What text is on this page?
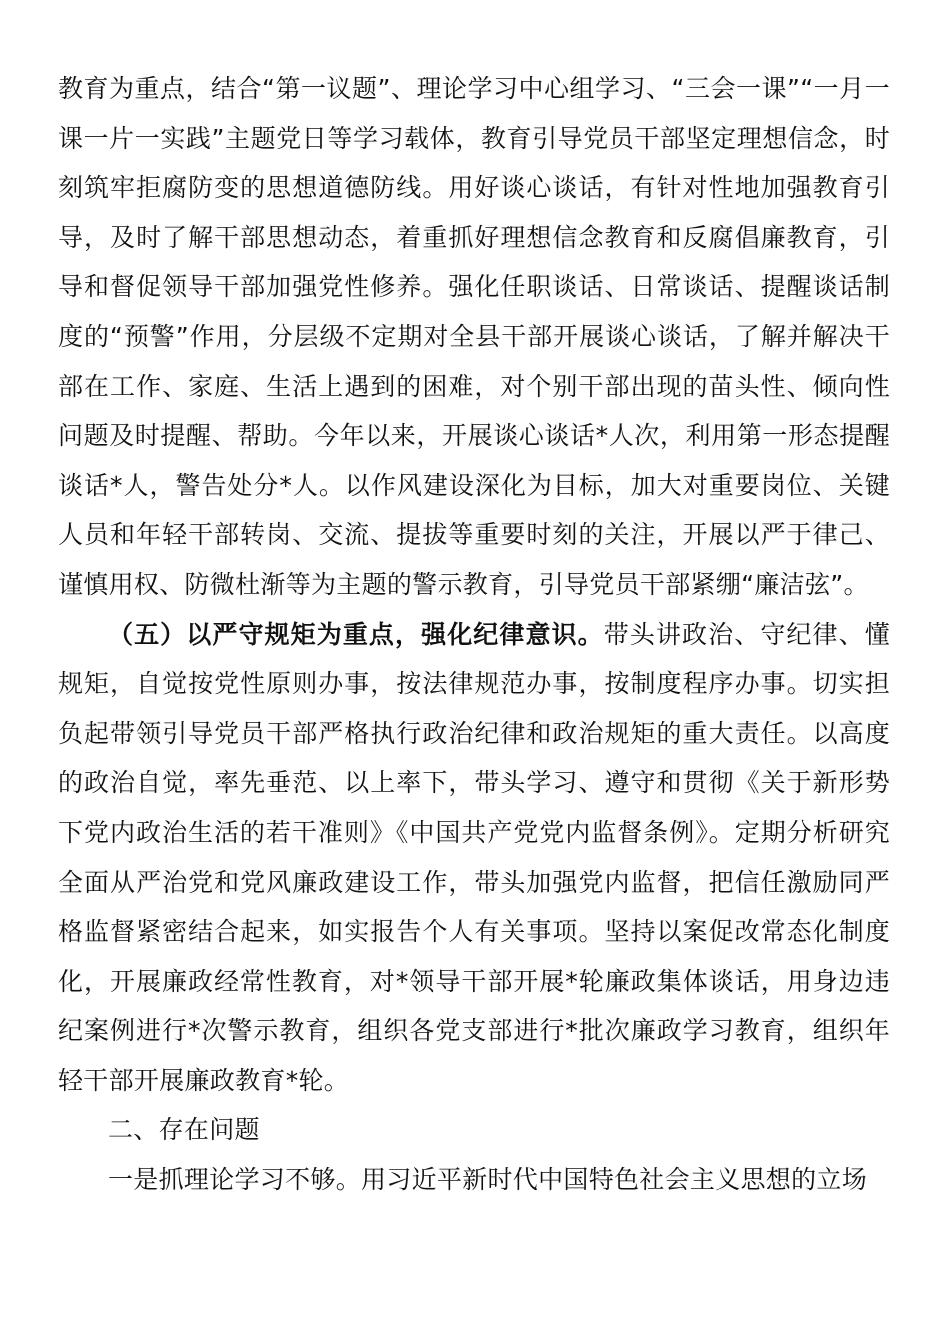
教育为重点，结合“第一议题”、理论学习中心组学习、“三会一课”“一月一课一片一实践”主题党日等学习载体，教育引导党员干部坚定理想信念，时刻筑牢拒腐防变的思想道德防线。用好谈心谈话，有针对性地加强教育引导，及时了解干部思想动态，着重抓好理想信念教育和反腐倡廉教育，引导和督促领导干部加强党性修养。强化任职谈话、日常谈话、提醒谈话制度的“预警”作用，分层级不定期对全县干部开展谈心谈话，了解并解决干部在工作、家庭、生活上遇到的困难，对个别干部出现的苗头性、倾向性问题及时提醒、帮助。今年以来，开展谈心谈话*人次，利用第一形态提醒谈话*人，警告处分*人。以作风建设深化为目标，加大对重要岗位、关键人员和年轻干部转岗、交流、提拔等重要时刻的关注，开展以严于律己、谨慎用权、防微杜渐等为主题的警示教育，引导党员干部紧绷“廉洁弦”。

（五）以严守规矩为重点，强化纪律意识。带头讲政治、守纪律、懂规矩，自觉按党性原则办事，按法律规范办事，按制度程序办事。切实担负起带领引导党员干部严格执行政治纪律和政治规矩的重大责任。以高度的政治自觉，率先垂范、以上率下，带头学习、遵守和贯彻《关于新形势下党内政治生活的若干准则》《中国共产党党内监督条例》。定期分析研究全面从严治党和党风廉政建设工作，带头加强党内监督，把信任激励同严格监督紧密结合起来，如实报告个人有关事项。坚持以案促改常态化制度化，开展廉政经常性教育，对*领导干部开展*轮廉政集体谈话，用身边违纪案例进行*次警示教育，组织各党支部进行*批次廉政学习教育，组织年轻干部开展廉政教育*轮。

二、存在问题

一是抓理论学习不够。用习近平新时代中国特色社会主义思想的立场
